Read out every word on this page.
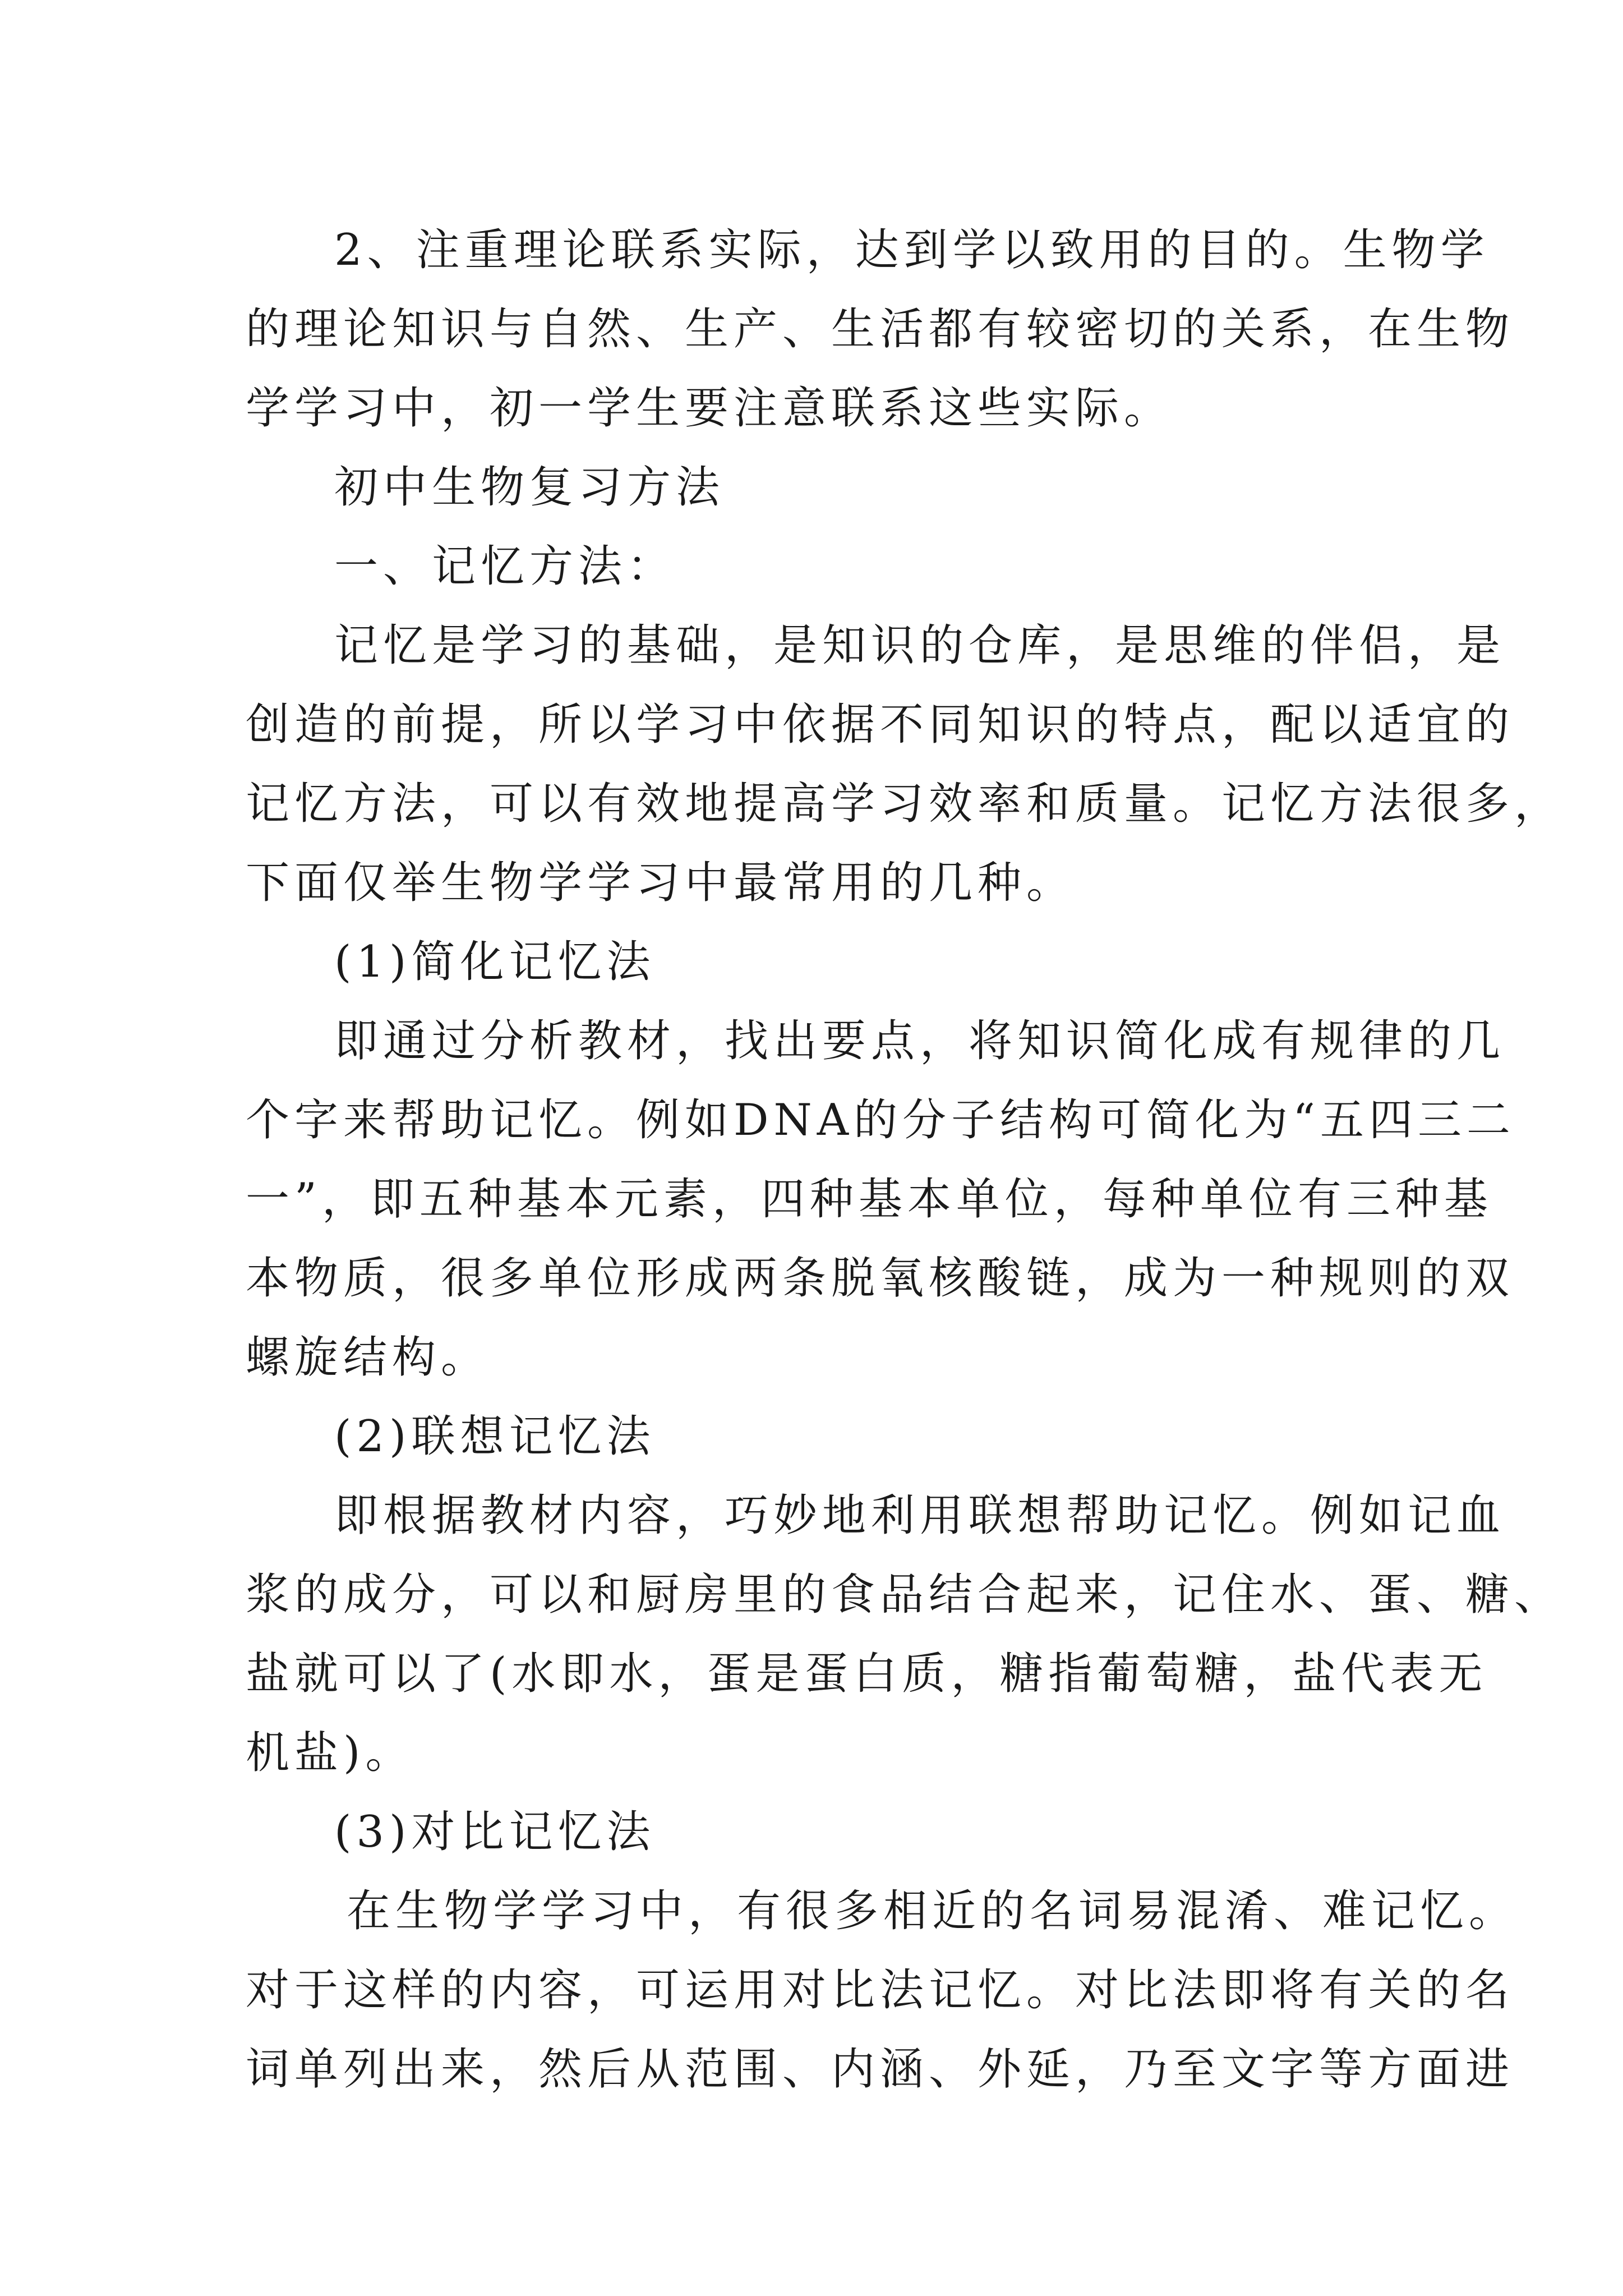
2、注重理论联系实际，达到学以致用的目的。生物学
的理论知识与自然、生产、生活都有较密切的关系，在生物
学学习中，初一学生要注意联系这些实际。
初中生物复习方法
一、记忆方法：
记忆是学习的基础，是知识的仓库，是思维的伴侣，是
创造的前提，所以学习中依据不同知识的特点，配以适宜的
记忆方法，可以有效地提高学习效率和质量。记忆方法很多，
下面仅举生物学学习中最常用的几种。
(1)简化记忆法
即通过分析教材，找出要点，将知识简化成有规律的几
个字来帮助记忆。例如DNA的分子结构可简化为“五四三二
一”，即五种基本元素，四种基本单位，每种单位有三种基
本物质，很多单位形成两条脱氧核酸链，成为一种规则的双
螺旋结构。
(2)联想记忆法
即根据教材内容，巧妙地利用联想帮助记忆。例如记血
浆的成分，可以和厨房里的食品结合起来，记住水、蛋、糖、
盐就可以了(水即水，蛋是蛋白质，糖指葡萄糖，盐代表无
机盐)。
(3)对比记忆法
在生物学学习中，有很多相近的名词易混淆、难记忆。
对于这样的内容，可运用对比法记忆。对比法即将有关的名
词单列出来，然后从范围、内涵、外延，乃至文字等方面进
